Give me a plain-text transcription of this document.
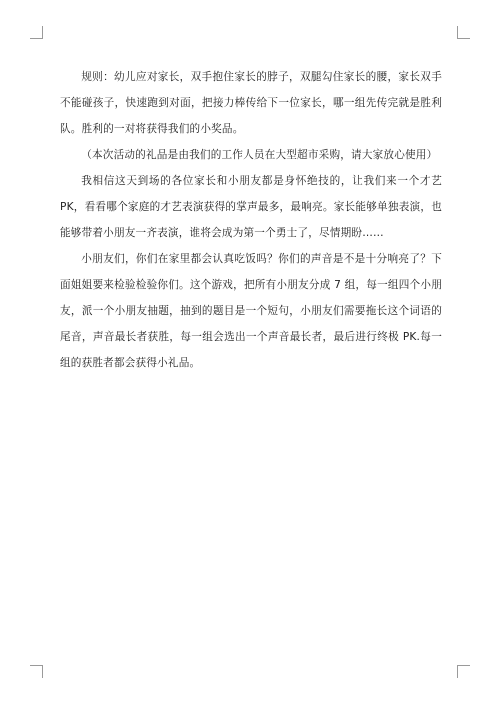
规则：幼儿应对家长，双手抱住家长的脖子，双腿勾住家长的腰，家长双手不能碰孩子，快速跑到对面，把接力棒传给下一位家长，哪一组先传完就是胜利队。胜利的一对将获得我们的小奖品。

（本次活动的礼品是由我们的工作人员在大型超市采购，请大家放心使用）

我相信这天到场的各位家长和小朋友都是身怀绝技的，让我们来一个才艺 PK，看看哪个家庭的才艺表演获得的掌声最多，最响亮。家长能够单独表演，也能够带着小朋友一齐表演，谁将会成为第一个勇士了，尽情期盼……

小朋友们，你们在家里都会认真吃饭吗？你们的声音是不是十分响亮了？下面姐姐要来检验检验你们。这个游戏，把所有小朋友分成 7 组，每一组四个小朋友，派一个小朋友抽题，抽到的题目是一个短句，小朋友们需要拖长这个词语的尾音，声音最长者获胜，每一组会选出一个声音最长者，最后进行终极 PK.每一组的获胜者都会获得小礼品。
